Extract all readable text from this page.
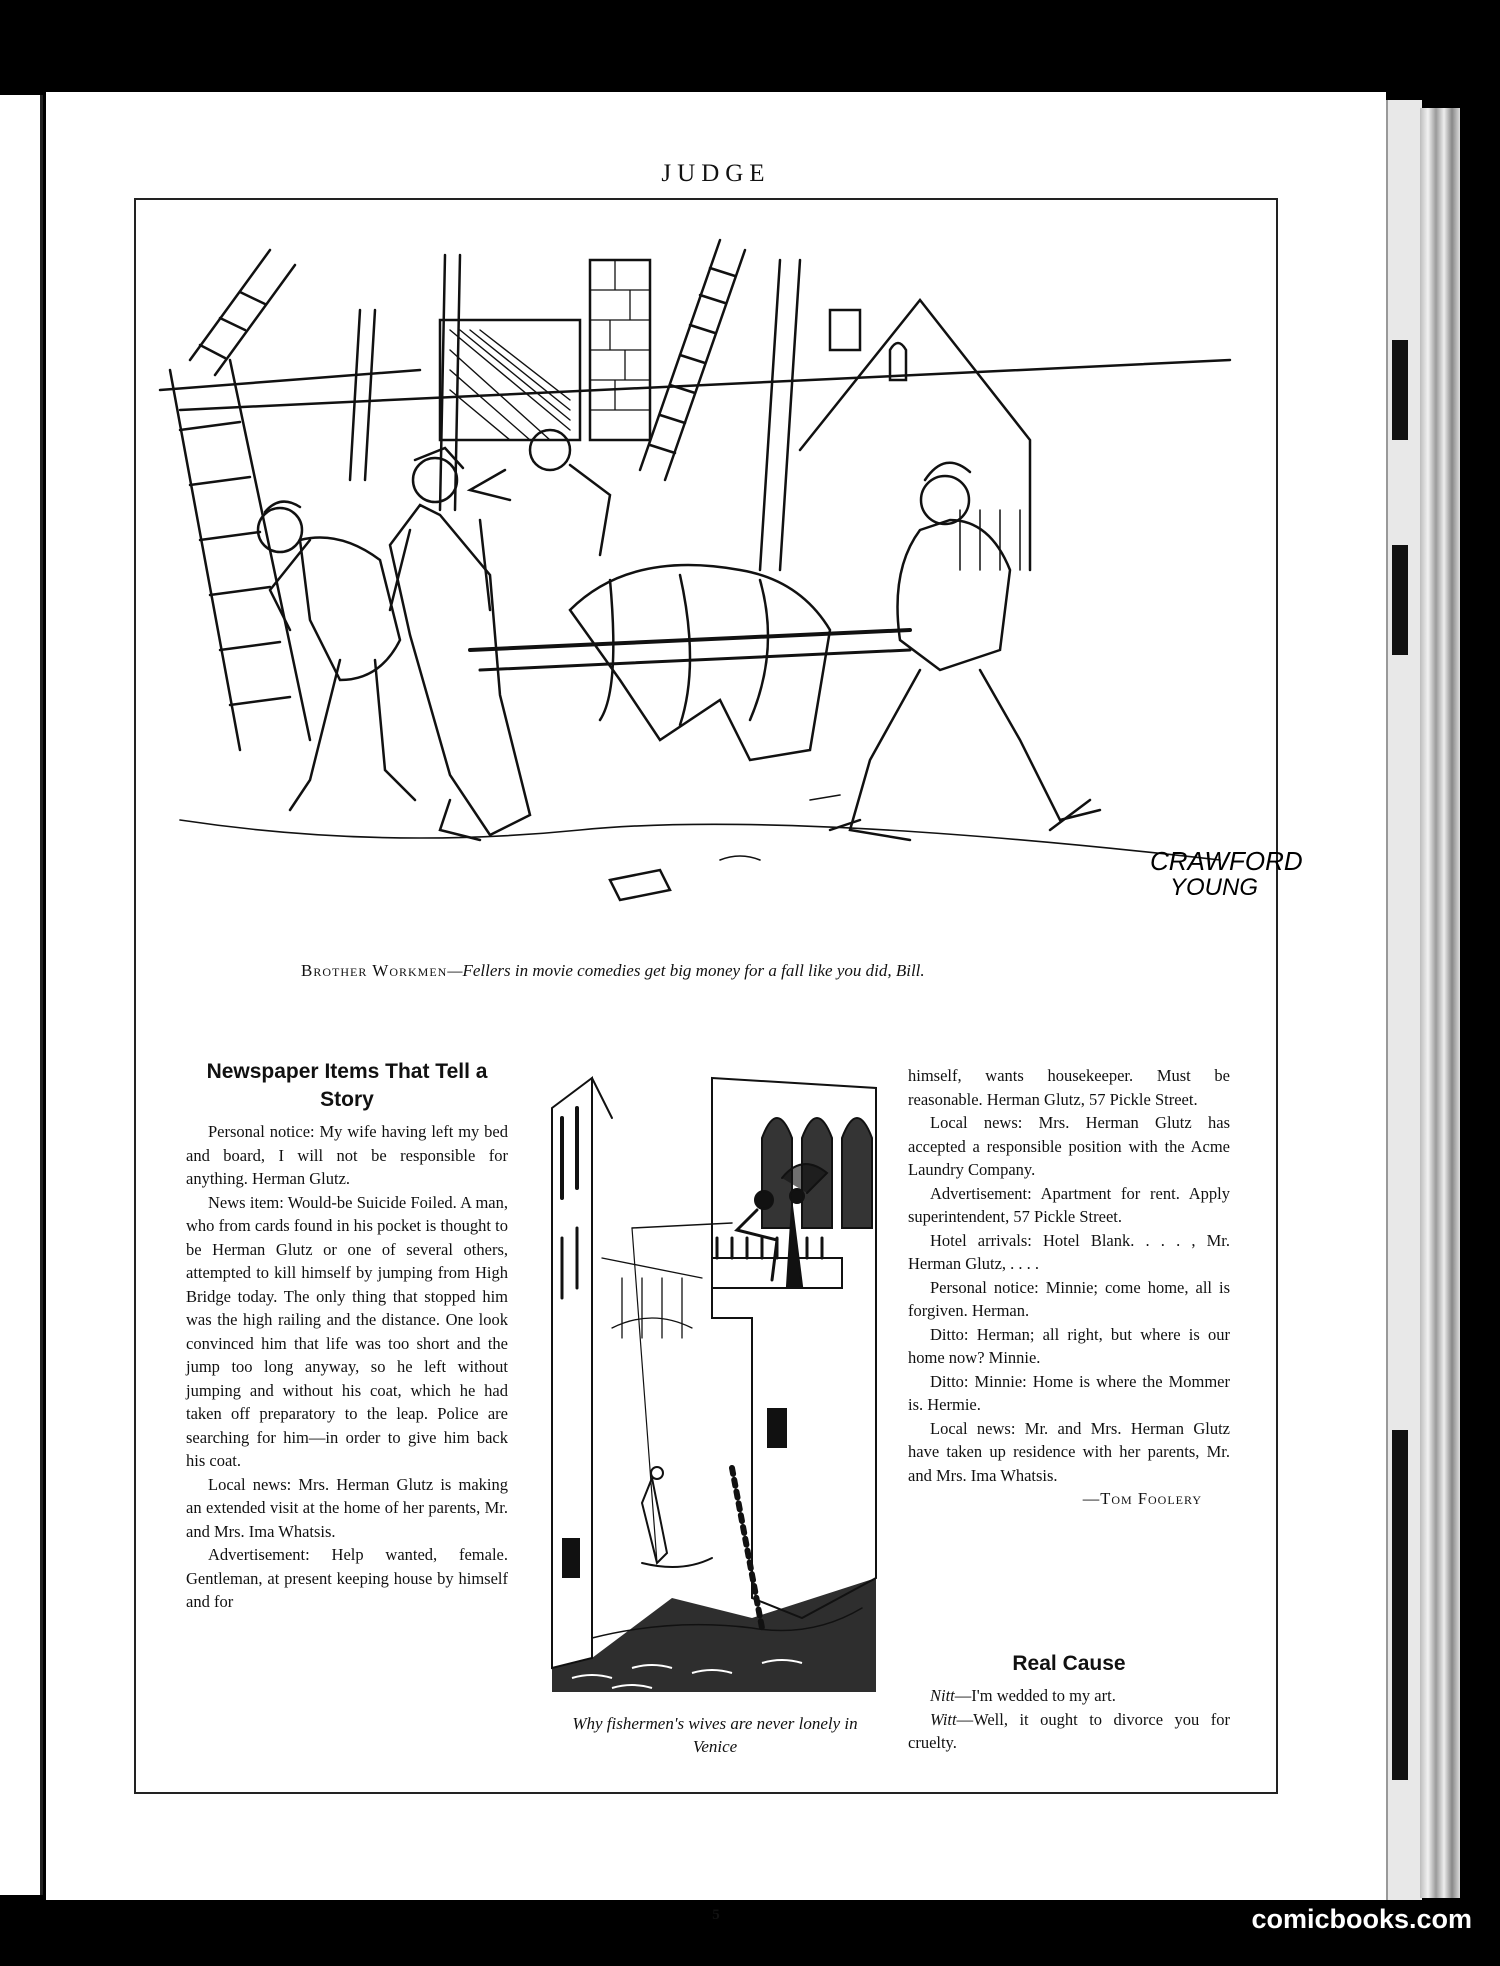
JUDGE
CRAWFORD
YOUNG
Brother Workmen—Fellers in movie comedies get big money for a fall like you did, Bill.
Newspaper Items That Tell a Story

Personal notice: My wife having left my bed and board, I will not be responsible for anything. Herman Glutz.

News item: Would-be Suicide Foiled. A man, who from cards found in his pocket is thought to be Herman Glutz or one of several others, attempted to kill himself by jumping from High Bridge today. The only thing that stopped him was the high railing and the distance. One look convinced him that life was too short and the jump too long anyway, so he left without jumping and without his coat, which he had taken off preparatory to the leap. Police are searching for him—in order to give him back his coat.

Local news: Mrs. Herman Glutz is making an extended visit at the home of her parents, Mr. and Mrs. Ima Whatsis.

Advertisement: Help wanted, female. Gentleman, at present keeping house by himself and for

Why fishermen's wives are never lonely in Venice

himself, wants housekeeper. Must be reasonable. Herman Glutz, 57 Pickle Street.

Local news: Mrs. Herman Glutz has accepted a responsible position with the Acme Laundry Company.

Advertisement: Apartment for rent. Apply superintendent, 57 Pickle Street.

Hotel arrivals: Hotel Blank. . . . , Mr. Herman Glutz, . . . .

Personal notice: Minnie; come home, all is forgiven. Herman.

Ditto: Herman; all right, but where is our home now? Minnie.

Ditto: Minnie: Home is where the Mommer is. Hermie.

Local news: Mr. and Mrs. Herman Glutz have taken up residence with her parents, Mr. and Mrs. Ima Whatsis.

—Tom Foolery
Real Cause

Nitt—I'm wedded to my art.

Witt—Well, it ought to divorce you for cruelty.

5	comicbooks.com
